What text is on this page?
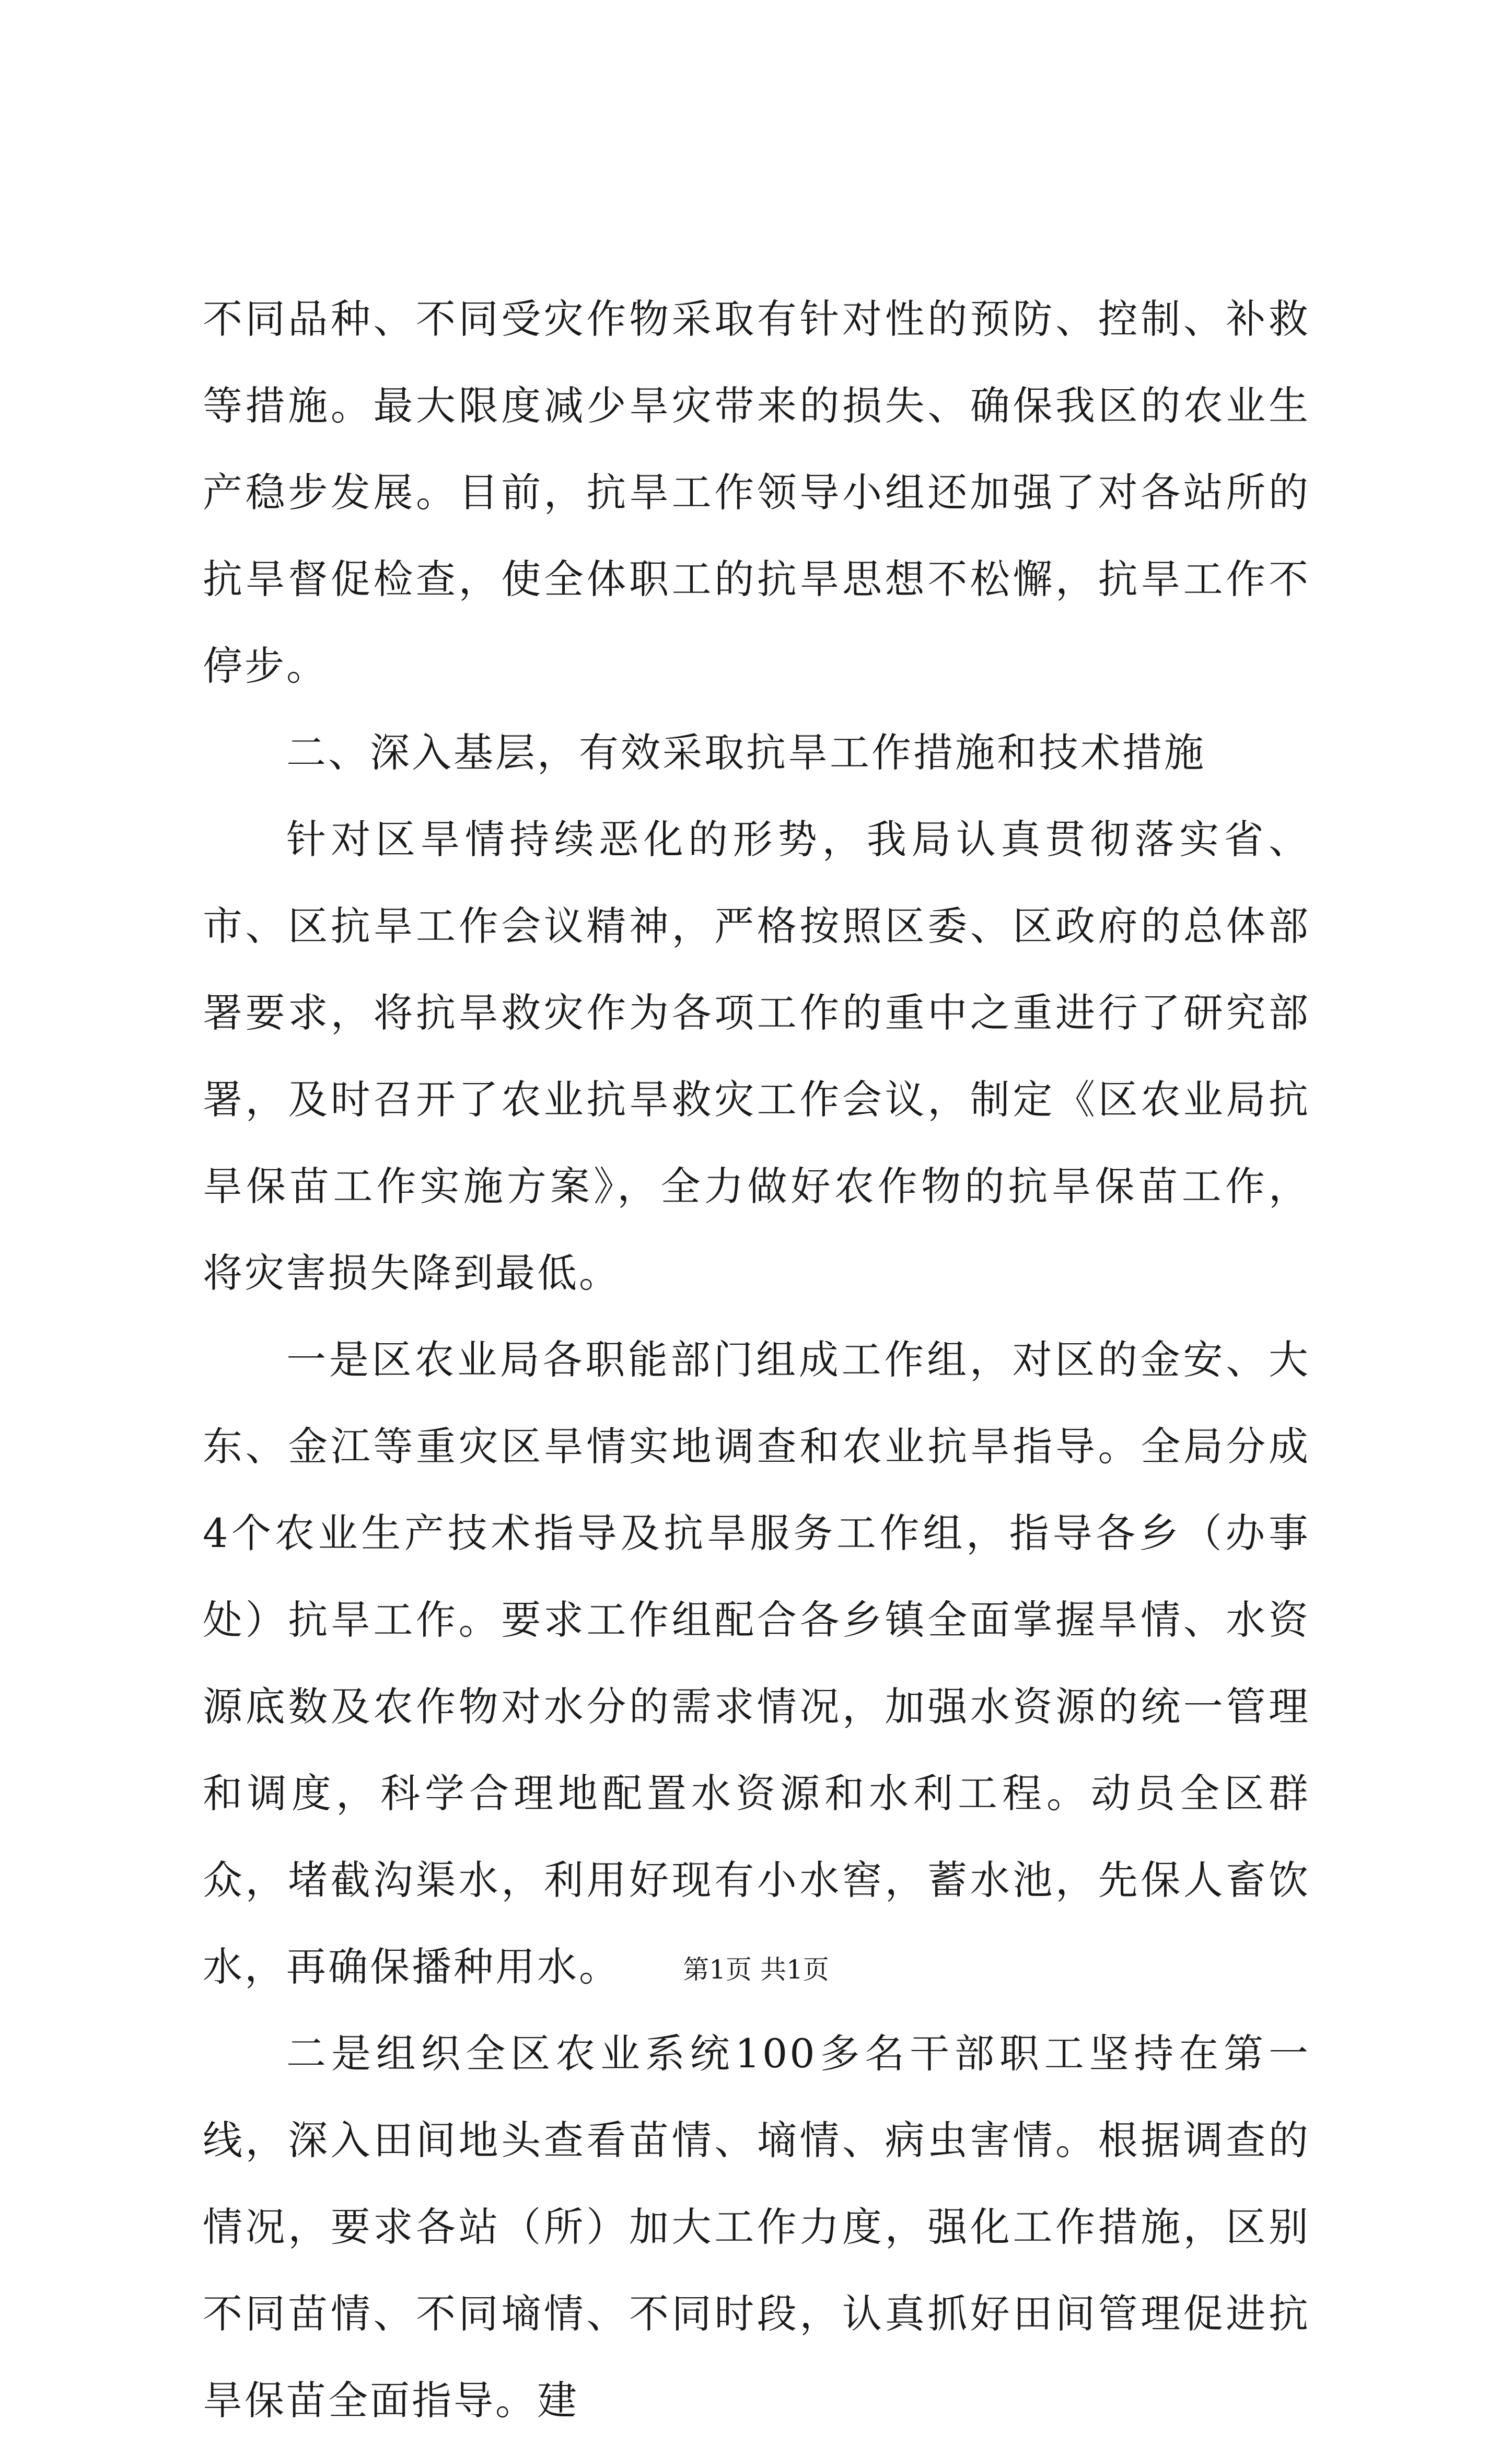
不同品种、不同受灾作物采取有针对性的预防、控制、补救等措施。最大限度减少旱灾带来的损失、确保我区的农业生产稳步发展。目前，抗旱工作领导小组还加强了对各站所的抗旱督促检查，使全体职工的抗旱思想不松懈，抗旱工作不停步。

二、深入基层，有效采取抗旱工作措施和技术措施

针对区旱情持续恶化的形势，我局认真贯彻落实省、市、区抗旱工作会议精神，严格按照区委、区政府的总体部署要求，将抗旱救灾作为各项工作的重中之重进行了研究部署，及时召开了农业抗旱救灾工作会议，制定《区农业局抗旱保苗工作实施方案》，全力做好农作物的抗旱保苗工作，将灾害损失降到最低。

一是区农业局各职能部门组成工作组，对区的金安、大东、金江等重灾区旱情实地调查和农业抗旱指导。全局分成4个农业生产技术指导及抗旱服务工作组，指导各乡（办事处）抗旱工作。要求工作组配合各乡镇全面掌握旱情、水资源底数及农作物对水分的需求情况，加强水资源的统一管理和调度，科学合理地配置水资源和水利工程。动员全区群众，堵截沟渠水，利用好现有小水窖，蓄水池，先保人畜饮水，再确保播种用水。

二是组织全区农业系统100多名干部职工坚持在第一线，深入田间地头查看苗情、墒情、病虫害情。根据调查的情况，要求各站（所）加大工作力度，强化工作措施，区别不同苗情、不同墒情、不同时段，认真抓好田间管理促进抗旱保苗全面指导。建

第1页 共1页
